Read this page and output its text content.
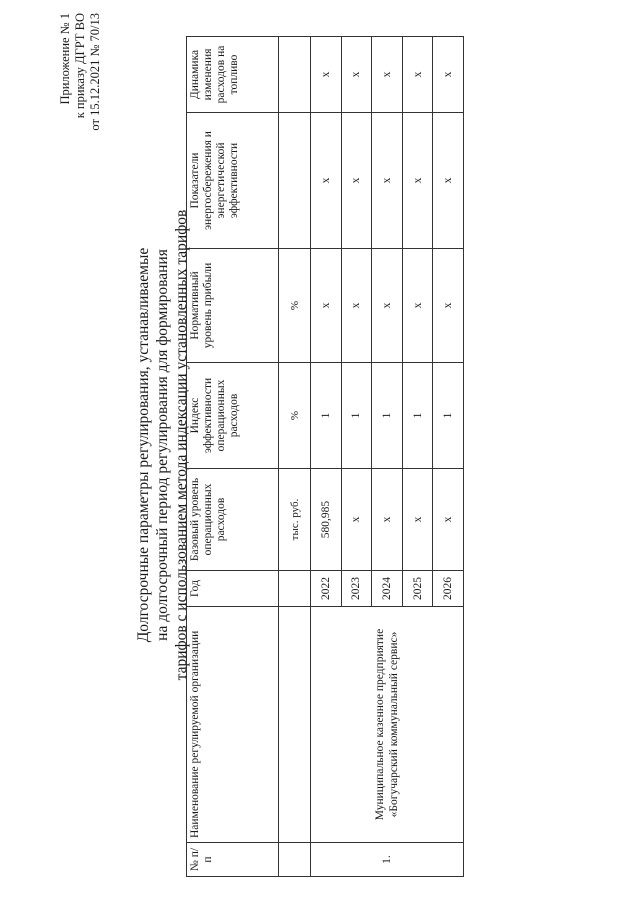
Приложение № 1 к приказу ДГРТ ВО от 15.12.2021 № 70/13
Долгосрочные параметры регулирования, устанавливаемые на долгосрочный период регулирования для формирования тарифов с использованием метода индексации установленных тарифов
№ п/п	Наименование регулируемой организации	Год	Базовый уровень операционных расходов	Индекс эффективности операционных расходов	Нормативный уровень прибыли	Показатели энергосбережения и энергетической эффективности	Динамика изменения расходов на топливо
			тыс. руб.	%	%		
1.	Муниципальное казенное предприятие «Богучарский коммунальный сервис»	2022	580,985	1	х	х	х
		2023	х	1	х	х	х
		2024	х	1	х	х	х
		2025	х	1	х	х	х
		2026	х	1	х	х	х
